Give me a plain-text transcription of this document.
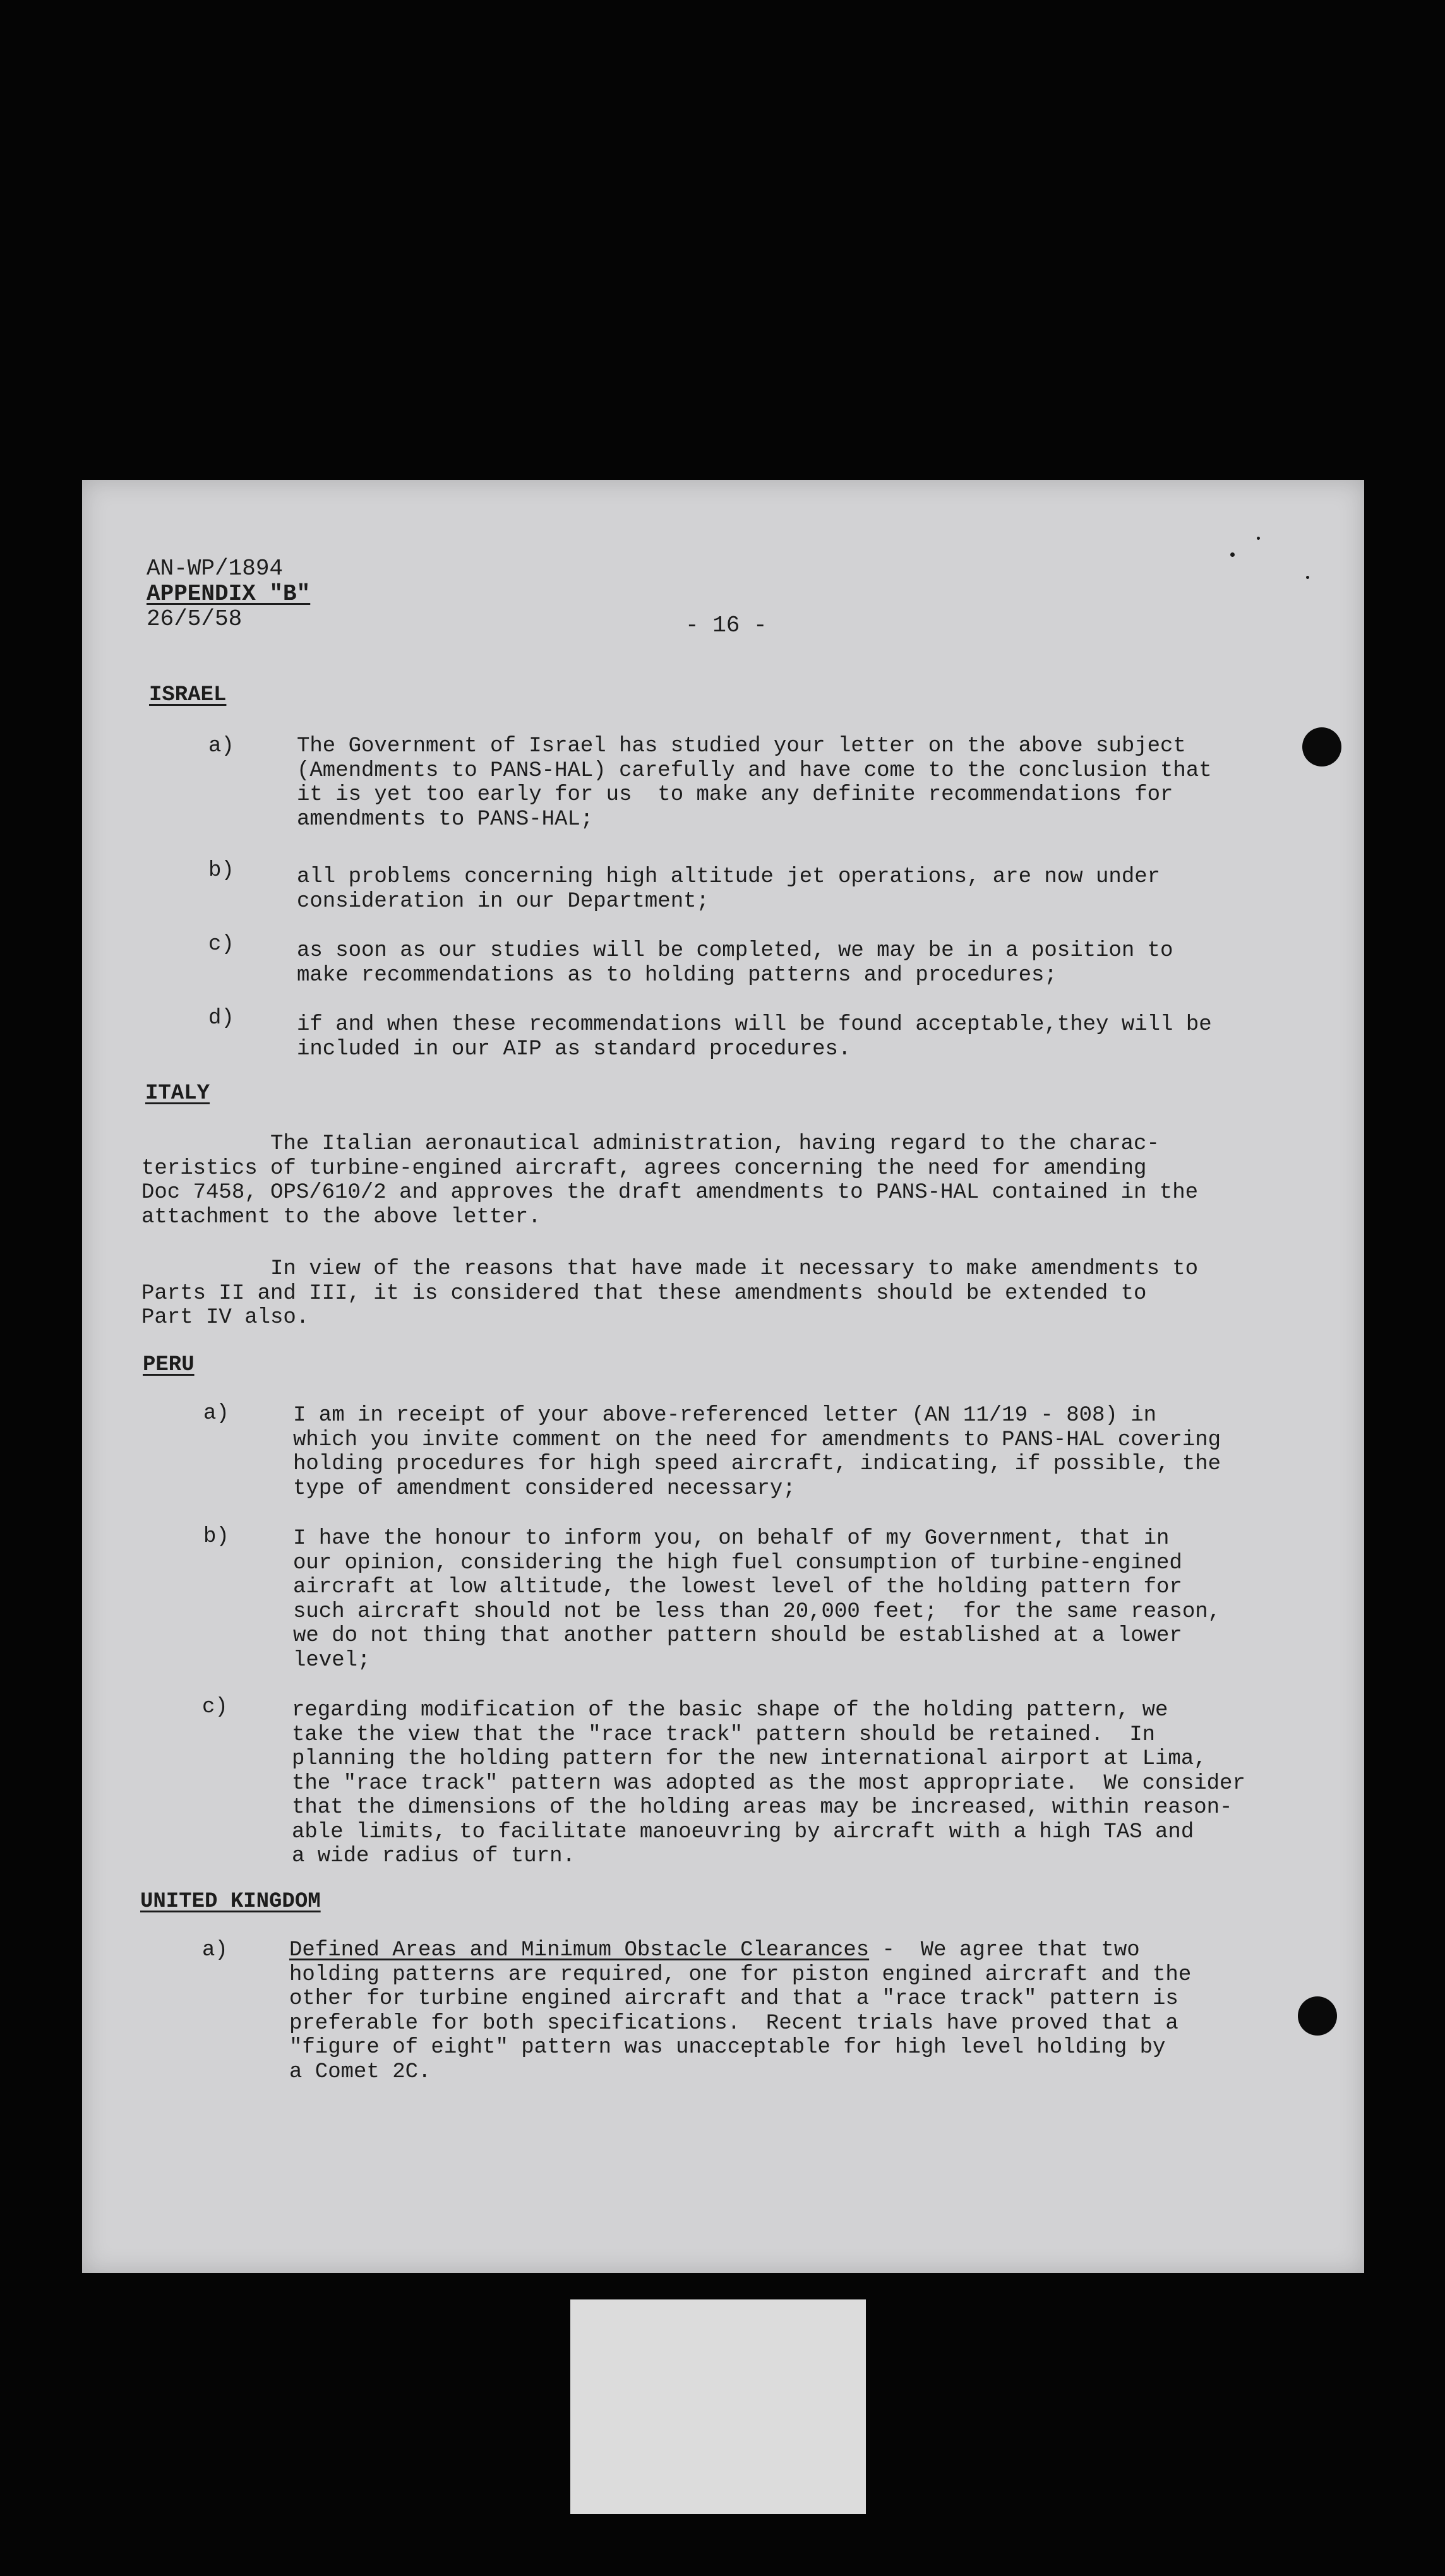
AN-WP/1894
APPENDIX "B"
26/5/58	- 16 -
ISRAEL
a)	The Government of Israel has studied your letter on the above subject
(Amendments to PANS-HAL) carefully and have come to the conclusion that
it is yet too early for us  to make any definite recommendations for
amendments to PANS-HAL;
b)	all problems concerning high altitude jet operations, are now under
consideration in our Department;
c)	as soon as our studies will be completed, we may be in a position to
make recommendations as to holding patterns and procedures;
d)	if and when these recommendations will be found acceptable,they will be
included in our AIP as standard procedures.
ITALY
The Italian aeronautical administration, having regard to the charac-
teristics of turbine-engined aircraft, agrees concerning the need for amending
Doc 7458, OPS/610/2 and approves the draft amendments to PANS-HAL contained in the
attachment to the above letter.
In view of the reasons that have made it necessary to make amendments to
Parts II and III, it is considered that these amendments should be extended to
Part IV also.
PERU
a)	I am in receipt of your above-referenced letter (AN 11/19 - 808) in
which you invite comment on the need for amendments to PANS-HAL covering
holding procedures for high speed aircraft, indicating, if possible, the
type of amendment considered necessary;
b)	I have the honour to inform you, on behalf of my Government, that in
our opinion, considering the high fuel consumption of turbine-engined
aircraft at low altitude, the lowest level of the holding pattern for
such aircraft should not be less than 20,000 feet;  for the same reason,
we do not thing that another pattern should be established at a lower
level;
c)	regarding modification of the basic shape of the holding pattern, we
take the view that the "race track" pattern should be retained.  In
planning the holding pattern for the new international airport at Lima,
the "race track" pattern was adopted as the most appropriate.  We consider
that the dimensions of the holding areas may be increased, within reason-
able limits, to facilitate manoeuvring by aircraft with a high TAS and
a wide radius of turn.
UNITED KINGDOM
a)	Defined Areas and Minimum Obstacle Clearances -  We agree that two
holding patterns are required, one for piston engined aircraft and the
other for turbine engined aircraft and that a "race track" pattern is
preferable for both specifications.  Recent trials have proved that a
"figure of eight" pattern was unacceptable for high level holding by
a Comet 2C.
